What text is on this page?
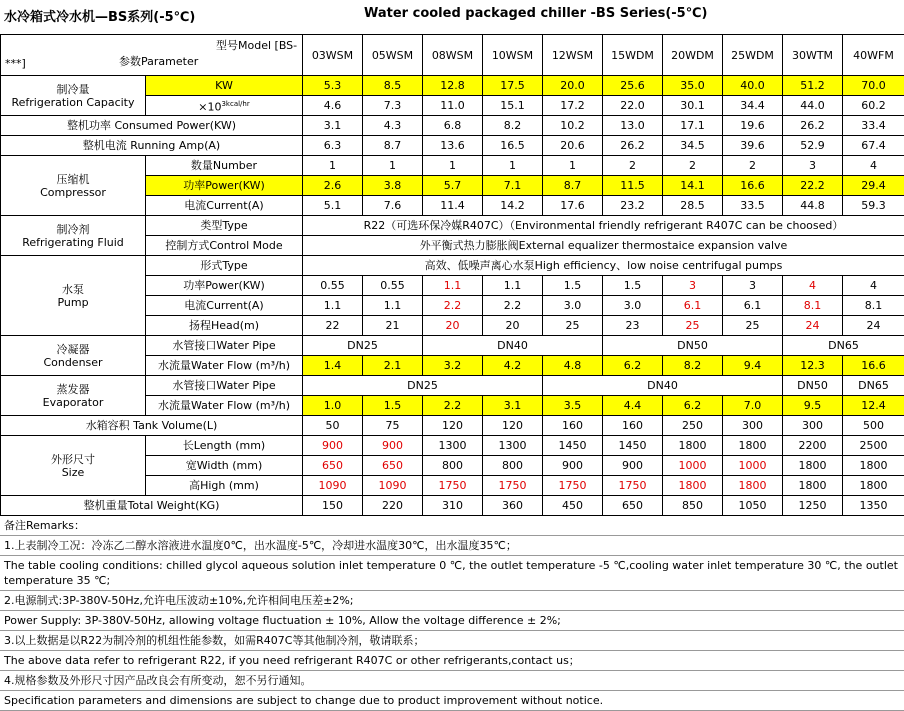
水冷箱式冷水机—BS系列(-5℃)	Water cooled packaged chiller -BS Series(-5℃)
型号Model [BS-
参数Parameter
***]		03WSM	05WSM	08WSM	10WSM	12WSM	15WDM	20WDM	25WDM	30WTM	40WFM

制冷量
Refrigeration Capacity	KW	5.3	8.5	12.8	17.5	20.0	25.6	35.0	40.0	51.2	70.0
	$\times 10^{3kcal/hr}$	4.6	7.3	11.0	15.1	17.2	22.0	30.1	34.4	44.0	60.2
整机功率 Consumed Power(KW)		3.1	4.3	6.8	8.2	10.2	13.0	17.1	19.6	26.2	33.4
整机电流 Running Amp(A)		6.3	8.7	13.6	16.5	20.6	26.2	34.5	39.6	52.9	67.4

压缩机
Compressor	数量Number	1	1	1	1	1	2	2	2	3	4
	功率Power(KW)	2.6	3.8	5.7	7.1	8.7	11.5	14.1	16.6	22.2	29.4
	电流Current(A)	5.1	7.6	11.4	14.2	17.6	23.2	28.5	33.5	44.8	59.3

制冷剂
Refrigerating Fluid	类型Type	R22（可选环保冷媒R407C）（Environmental friendly refrigerant R407C can be choosed）									
	控制方式Control Mode	外平衡式热力膨胀阀External equalizer thermostaice expansion valve									

水泵
Pump	形式Type	高效、低噪声离心水泵High efficiency、low noise centrifugal pumps									
	功率Power(KW)	0.55	0.55	1.1	1.1	1.5	1.5	3	3	4	4
	电流Current(A)	1.1	1.1	2.2	2.2	3.0	3.0	6.1	6.1	8.1	8.1
	扬程Head(m)	22	21	20	20	25	23	25	25	24	24

冷凝器
Condenser	水管接口Water Pipe	DN25		DN40			DN50			DN65	
	水流量Water Flow (m³/h)	1.4	2.1	3.2	4.2	4.8	6.2	8.2	9.4	12.3	16.6

蒸发器
Evaporator	水管接口Water Pipe	DN25				DN40				DN50	DN65
	水流量Water Flow (m³/h)	1.0	1.5	2.2	3.1	3.5	4.4	6.2	7.0	9.5	12.4
水箱容积 Tank Volume(L)		50	75	120	120	160	160	250	300	300	500

外形尺寸
Size	长Length (mm)	900	900	1300	1300	1450	1450	1800	1800	2200	2500
	宽Width (mm)	650	650	800	800	900	900	1000	1000	1800	1800
	高High (mm)	1090	1090	1750	1750	1750	1750	1800	1800	1800	1800
整机重量Total Weight(KG)		150	220	310	360	450	650	850	1050	1250	1350
备注Remarks：
1.上表制冷工况：冷冻乙二醇水溶液进水温度0℃，出水温度-5℃，冷却进水温度30℃，出水温度35℃；
The table cooling conditions: chilled glycol aqueous solution inlet temperature 0 ℃, the outlet temperature -5 ℃,cooling water inlet temperature 30 ℃, the outlet temperature 35 ℃;
2.电源制式:3P-380V-50Hz,允许电压波动±10%,允许相间电压差±2%;
Power Supply: 3P-380V-50Hz, allowing voltage fluctuation ± 10%, Allow the voltage difference ± 2%;
3.以上数据是以R22为制冷剂的机组性能参数，如需R407C等其他制冷剂，敬请联系；
The above data refer to refrigerant R22, if you need refrigerant R407C or other refrigerants,contact us；
4.规格参数及外形尺寸因产品改良会有所变动，恕不另行通知。
Specification parameters and dimensions are subject to change due to product improvement without notice.
